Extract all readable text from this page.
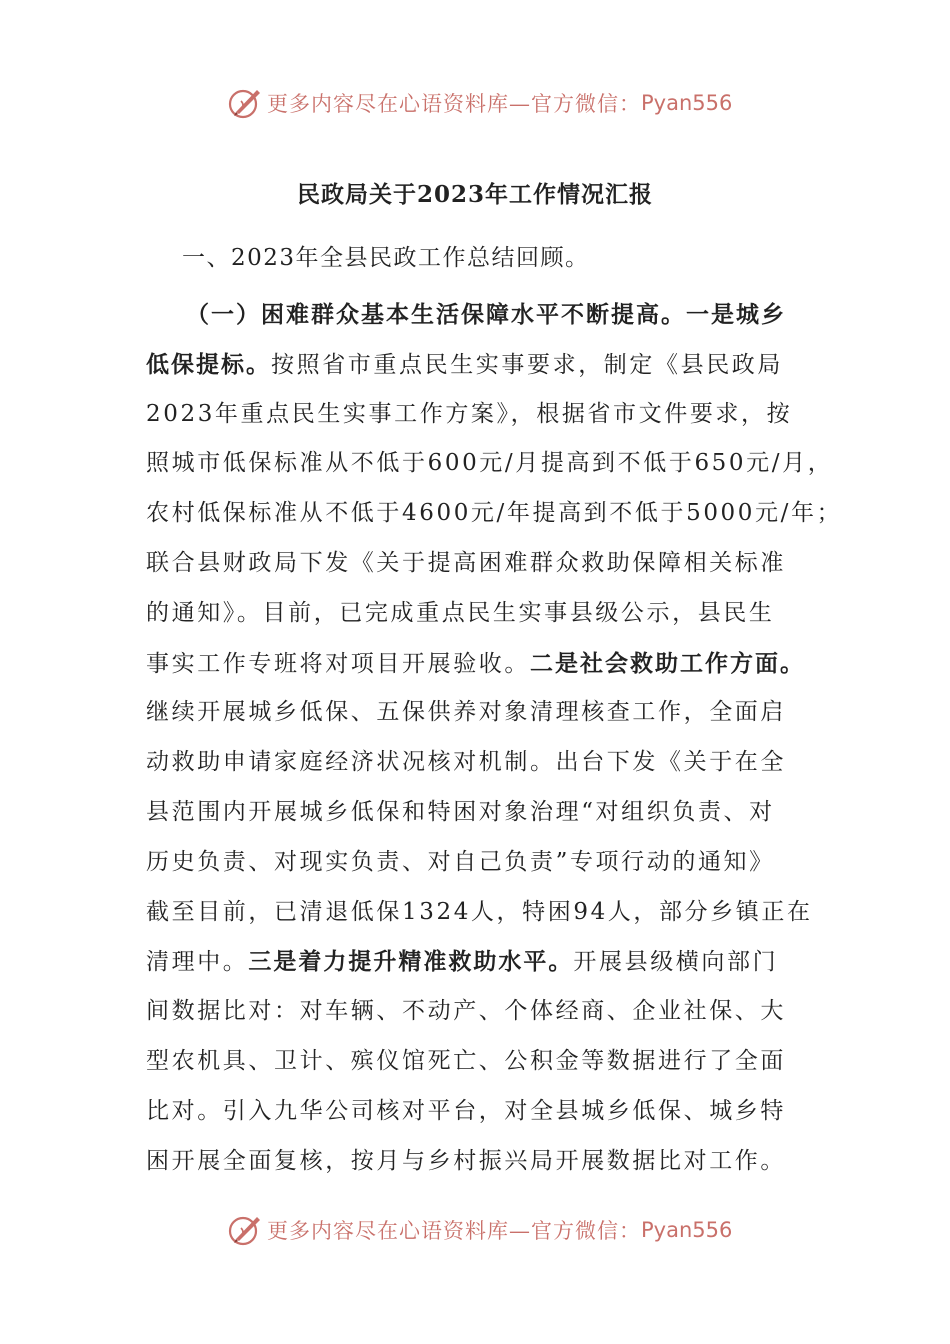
更多内容尽在心语资料库—官方微信： Pyan556
民政局关于2023年工作情况汇报
一、2023年全县民政工作总结回顾。
（一）困难群众基本生活保障水平不断提高。一是城乡
低保提标。按照省市重点民生实事要求，制定《县民政局
2023年重点民生实事工作方案》，根据省市文件要求，按
照城市低保标准从不低于600元/月提高到不低于650元/月，
农村低保标准从不低于4600元/年提高到不低于5000元/年；
联合县财政局下发《关于提高困难群众救助保障相关标准
的通知》。目前，已完成重点民生实事县级公示，县民生
事实工作专班将对项目开展验收。二是社会救助工作方面。
继续开展城乡低保、五保供养对象清理核查工作，全面启
动救助申请家庭经济状况核对机制。出台下发《关于在全
县范围内开展城乡低保和特困对象治理“对组织负责、对
历史负责、对现实负责、对自己负责”专项行动的通知》
截至目前，已清退低保1324人，特困94人，部分乡镇正在
清理中。三是着力提升精准救助水平。开展县级横向部门
间数据比对：对车辆、不动产、个体经商、企业社保、大
型农机具、卫计、殡仪馆死亡、公积金等数据进行了全面
比对。引入九华公司核对平台，对全县城乡低保、城乡特
困开展全面复核，按月与乡村振兴局开展数据比对工作。
更多内容尽在心语资料库—官方微信： Pyan556
